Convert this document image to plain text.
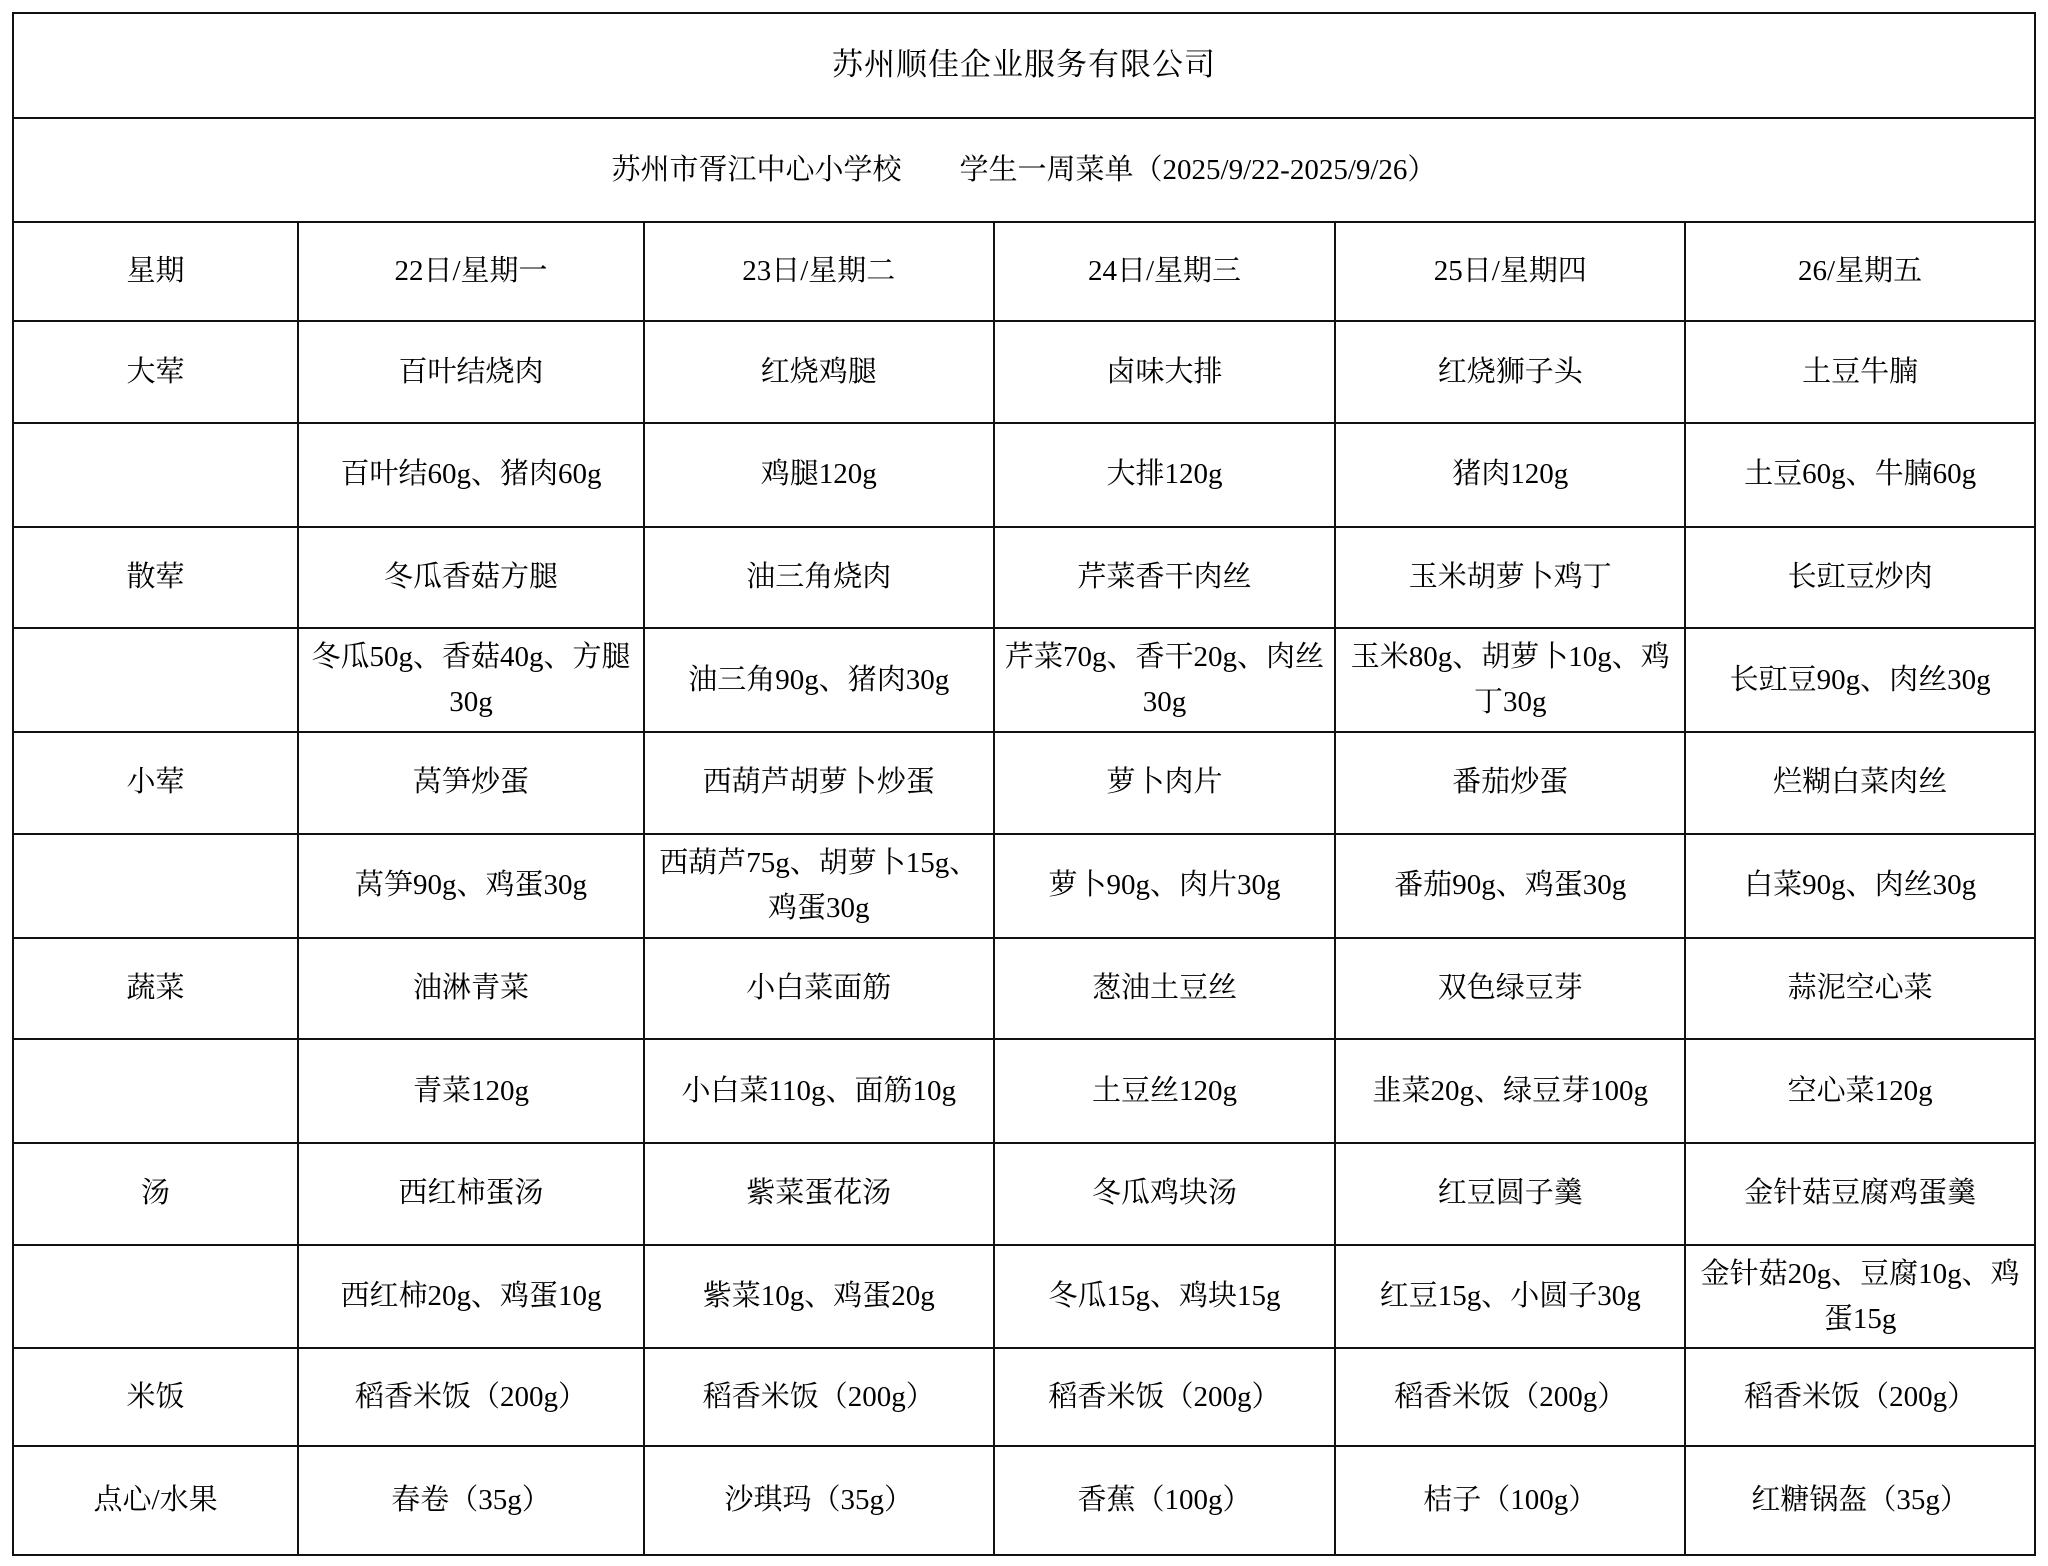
苏州顺佳企业服务有限公司					
苏州市胥江中心小学校　　学生一周菜单（2025/9/22-2025/9/26）					
星期	22日/星期一	23日/星期二	24日/星期三	25日/星期四	26/星期五
大荤	百叶结烧肉	红烧鸡腿	卤味大排	红烧狮子头	土豆牛腩
	百叶结60g、猪肉60g	鸡腿120g	大排120g	猪肉120g	土豆60g、牛腩60g
散荤	冬瓜香菇方腿	油三角烧肉	芹菜香干肉丝	玉米胡萝卜鸡丁	长豇豆炒肉
	冬瓜50g、香菇40g、方腿30g	油三角90g、猪肉30g	芹菜70g、香干20g、肉丝30g	玉米80g、胡萝卜10g、鸡丁30g	长豇豆90g、肉丝30g
小荤	莴笋炒蛋	西葫芦胡萝卜炒蛋	萝卜肉片	番茄炒蛋	烂糊白菜肉丝
	莴笋90g、鸡蛋30g	西葫芦75g、胡萝卜15g、鸡蛋30g	萝卜90g、肉片30g	番茄90g、鸡蛋30g	白菜90g、肉丝30g
蔬菜	油淋青菜	小白菜面筋	葱油土豆丝	双色绿豆芽	蒜泥空心菜
	青菜120g	小白菜110g、面筋10g	土豆丝120g	韭菜20g、绿豆芽100g	空心菜120g
汤	西红柿蛋汤	紫菜蛋花汤	冬瓜鸡块汤	红豆圆子羹	金针菇豆腐鸡蛋羹
	西红柿20g、鸡蛋10g	紫菜10g、鸡蛋20g	冬瓜15g、鸡块15g	红豆15g、小圆子30g	金针菇20g、豆腐10g、鸡蛋15g
米饭	稻香米饭（200g）	稻香米饭（200g）	稻香米饭（200g）	稻香米饭（200g）	稻香米饭（200g）
点心/水果	春卷（35g）	沙琪玛（35g）	香蕉（100g）	桔子（100g）	红糖锅盔（35g）
